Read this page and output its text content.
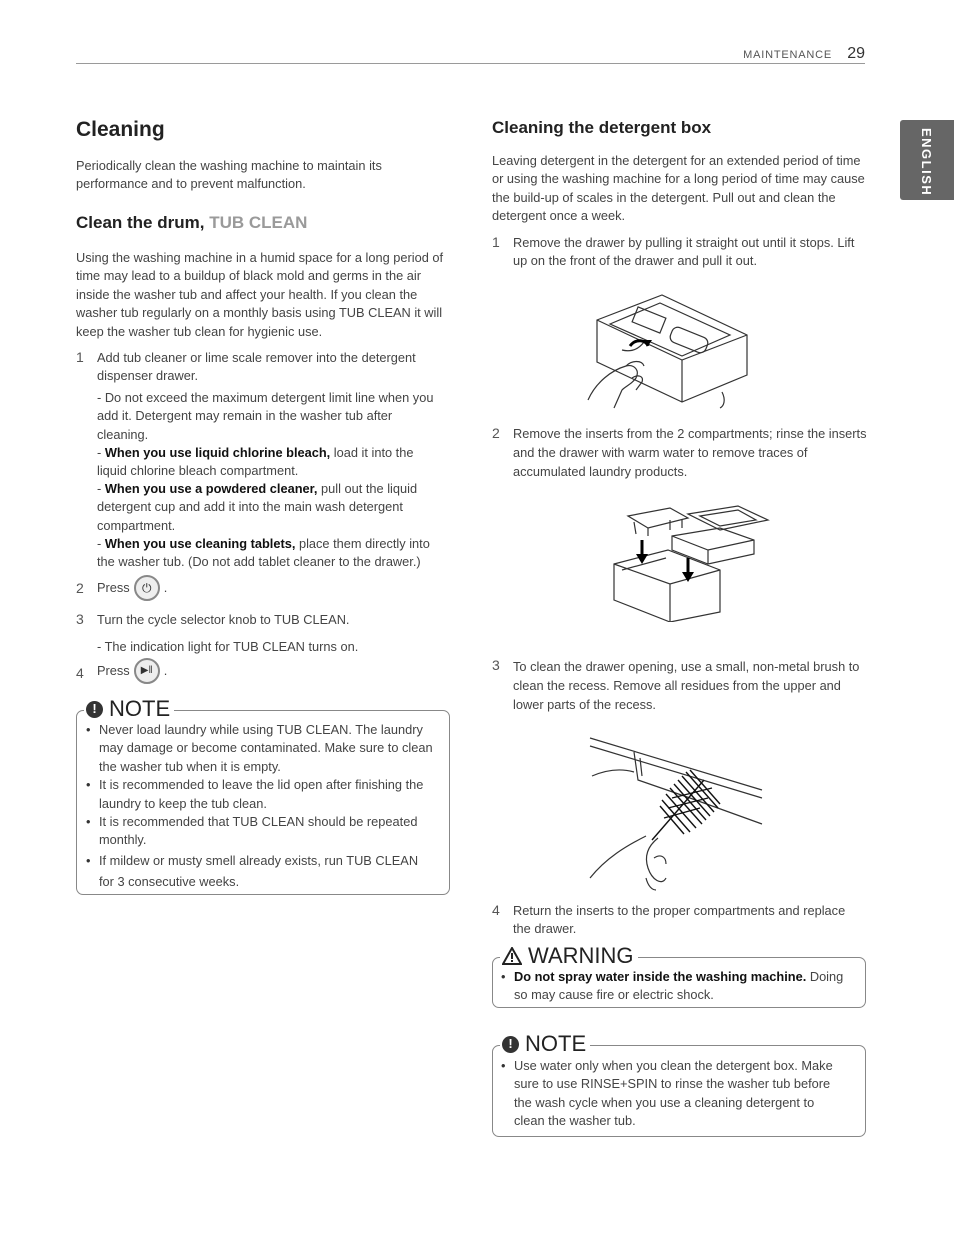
MAINTENANCE 29
ENGLISH
Cleaning
Periodically clean the washing machine to maintain its performance and to prevent malfunction.
Clean the drum, TUB CLEAN
Using the washing machine in a humid space for a long period of time may lead to a buildup of black mold and germs in the air inside the washer tub and affect your health. If you clean the washer tub regularly on a monthly basis using TUB CLEAN it will keep the washer tub clean for hygienic use.
1 Add tub cleaner or lime scale remover into the detergent dispenser drawer.
- Do not exceed the maximum detergent limit line when you add it. Detergent may remain in the washer tub after cleaning.
- When you use liquid chlorine bleach, load it into the liquid chlorine bleach compartment.
- When you use a powdered cleaner, pull out the liquid detergent cup and add it into the main wash detergent compartment.
- When you use cleaning tablets, place them directly into the washer tub. (Do not add tablet cleaner to the drawer.)
2 Press	⏻ .
3 Turn the cycle selector knob to TUB CLEAN.
- The indication light for TUB CLEAN turns on.
4 Press	▶‖ .
! NOTE
• Never load laundry while using TUB CLEAN. The laundry may damage or become contaminated. Make sure to clean the washer tub when it is empty.
• It is recommended to leave the lid open after finishing the laundry to keep the tub clean.
• It is recommended that TUB CLEAN should be repeated monthly.
• If mildew or musty smell already exists, run TUB CLEAN for 3 consecutive weeks.
Cleaning the detergent box
Leaving detergent in the detergent for an extended period of time or using the washing machine for a long period of time may cause the build-up of scales in the detergent. Pull out and clean the detergent once a week.
1 Remove the drawer by pulling it straight out until it stops. Lift up on the front of the drawer and pull it out.
2 Remove the inserts from the 2 compartments; rinse the inserts and the drawer with warm water to remove traces of accumulated laundry products.
3 To clean the drawer opening, use a small, non-metal brush to clean the recess. Remove all residues from the upper and lower parts of the recess.
4 Return the inserts to the proper compartments and replace the drawer.
WARNING
• Do not spray water inside the washing machine. Doing so may cause fire or electric shock.
! NOTE
• Use water only when you clean the detergent box. Make sure to use RINSE+SPIN to rinse the washer tub before the wash cycle when you use a cleaning detergent to clean the washer tub.
